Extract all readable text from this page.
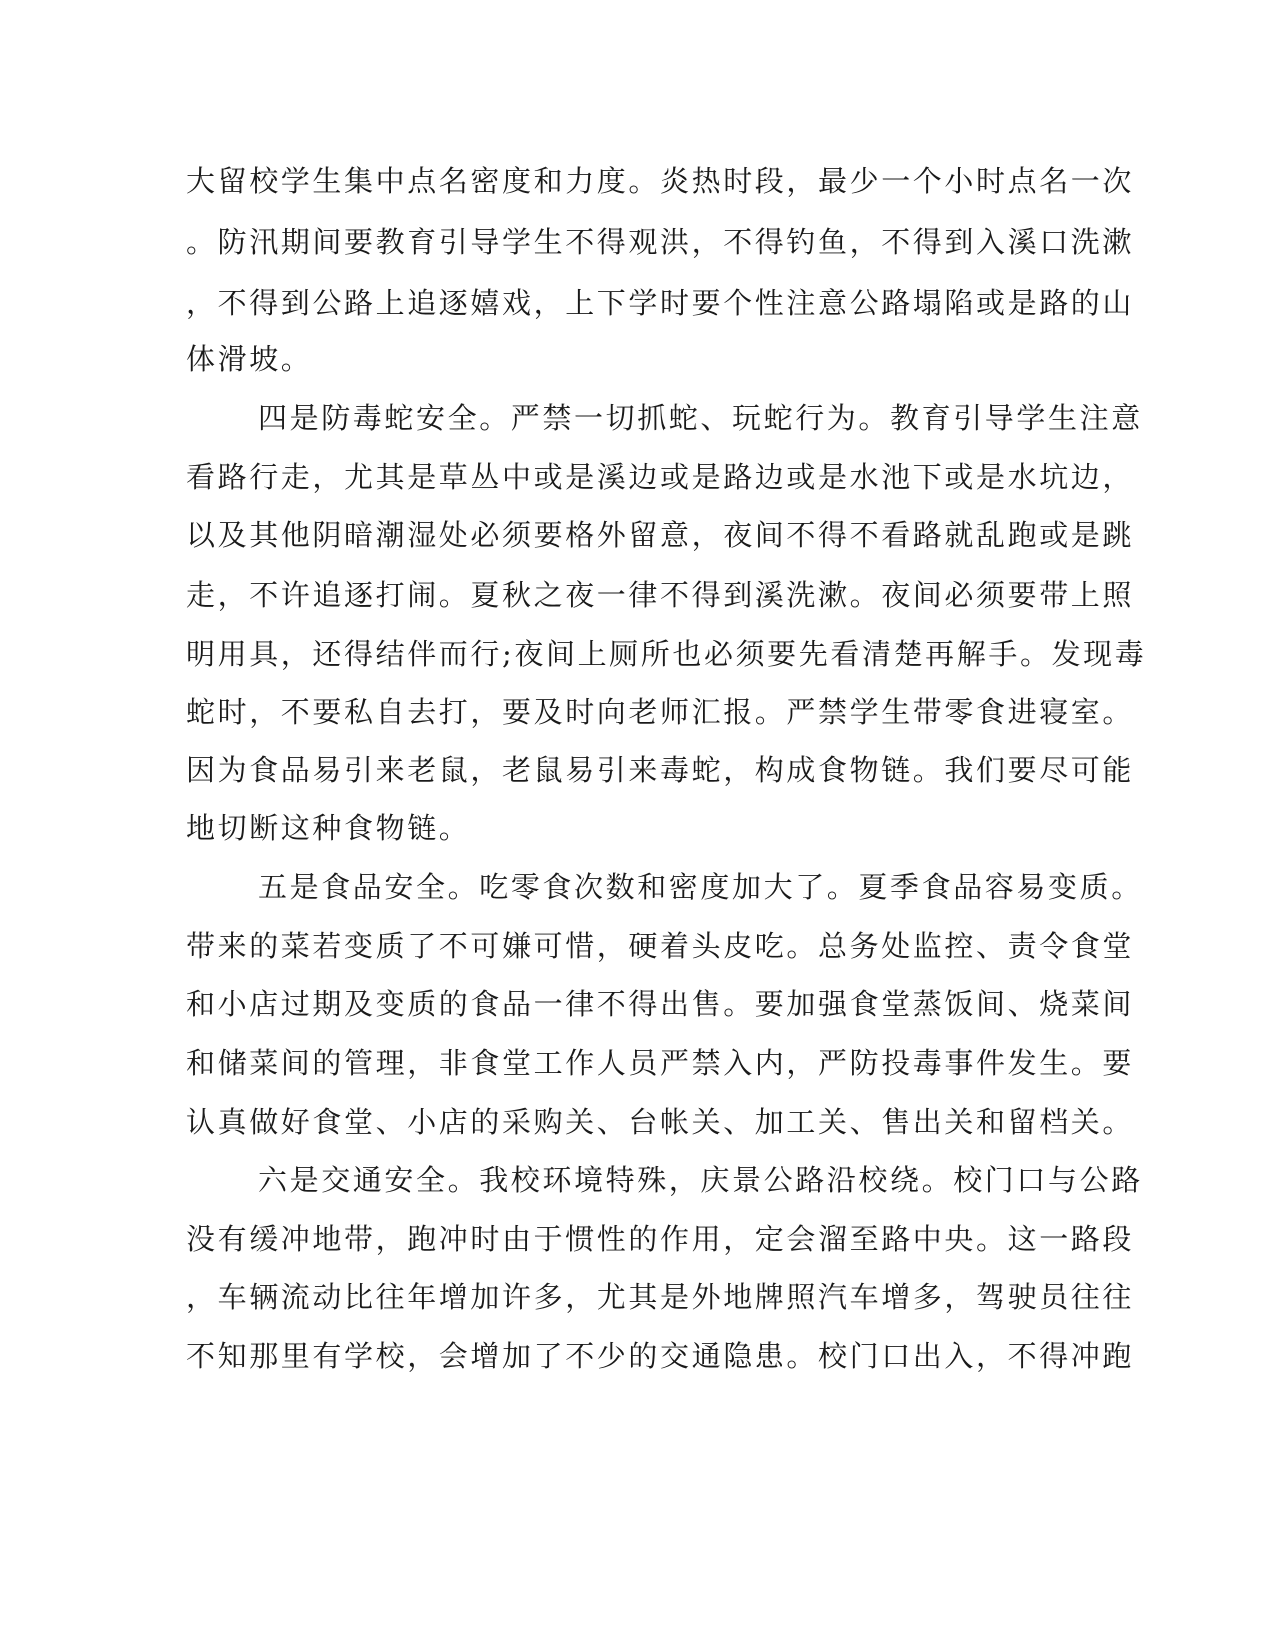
大留校学生集中点名密度和力度。炎热时段，最少一个小时点名一次
。防汛期间要教育引导学生不得观洪，不得钓鱼，不得到入溪口洗漱
，不得到公路上追逐嬉戏，上下学时要个性注意公路塌陷或是路的山
体滑坡。
四是防毒蛇安全。严禁一切抓蛇、玩蛇行为。教育引导学生注意
看路行走，尤其是草丛中或是溪边或是路边或是水池下或是水坑边，
以及其他阴暗潮湿处必须要格外留意，夜间不得不看路就乱跑或是跳
走，不许追逐打闹。夏秋之夜一律不得到溪洗漱。夜间必须要带上照
明用具，还得结伴而行;夜间上厕所也必须要先看清楚再解手。发现毒
蛇时，不要私自去打，要及时向老师汇报。严禁学生带零食进寝室。
因为食品易引来老鼠，老鼠易引来毒蛇，构成食物链。我们要尽可能
地切断这种食物链。
五是食品安全。吃零食次数和密度加大了。夏季食品容易变质。
带来的菜若变质了不可嫌可惜，硬着头皮吃。总务处监控、责令食堂
和小店过期及变质的食品一律不得出售。要加强食堂蒸饭间、烧菜间
和储菜间的管理，非食堂工作人员严禁入内，严防投毒事件发生。要
认真做好食堂、小店的采购关、台帐关、加工关、售出关和留档关。
六是交通安全。我校环境特殊，庆景公路沿校绕。校门口与公路
没有缓冲地带，跑冲时由于惯性的作用，定会溜至路中央。这一路段
，车辆流动比往年增加许多，尤其是外地牌照汽车增多，驾驶员往往
不知那里有学校，会增加了不少的交通隐患。校门口出入，不得冲跑
